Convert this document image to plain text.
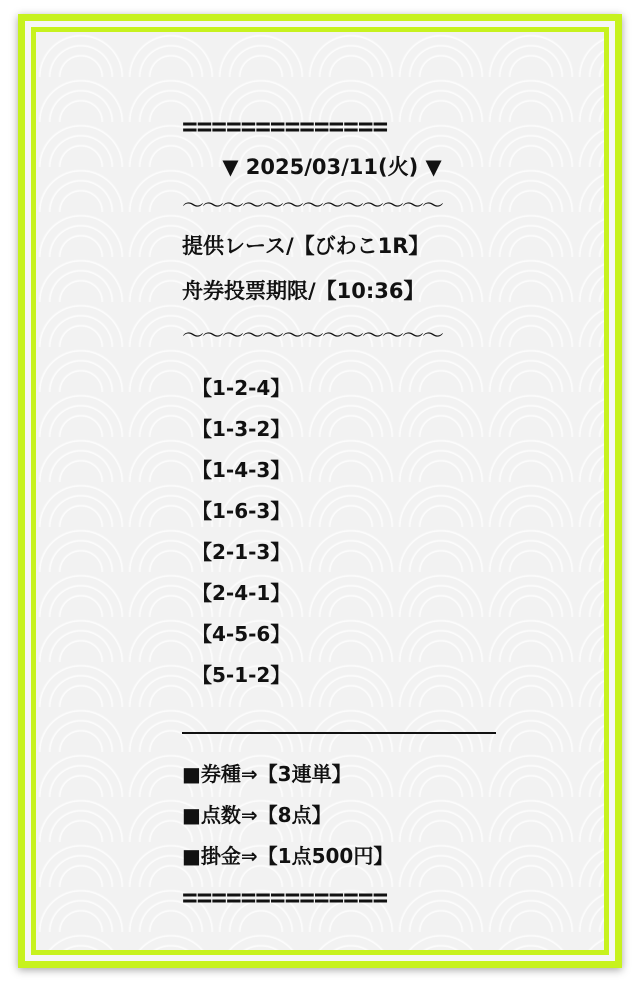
==============
▼ 2025/03/11(火) ▼
〜〜〜〜〜〜〜〜〜〜〜〜〜
提供レース/【びわこ1R】
舟券投票期限/【10:36】
〜〜〜〜〜〜〜〜〜〜〜〜〜
【1-2-4】
【1-3-2】
【1-4-3】
【1-6-3】
【2-1-3】
【2-4-1】
【4-5-6】
【5-1-2】
■券種⇒【3連単】
■点数⇒【8点】
■掛金⇒【1点500円】
==============
